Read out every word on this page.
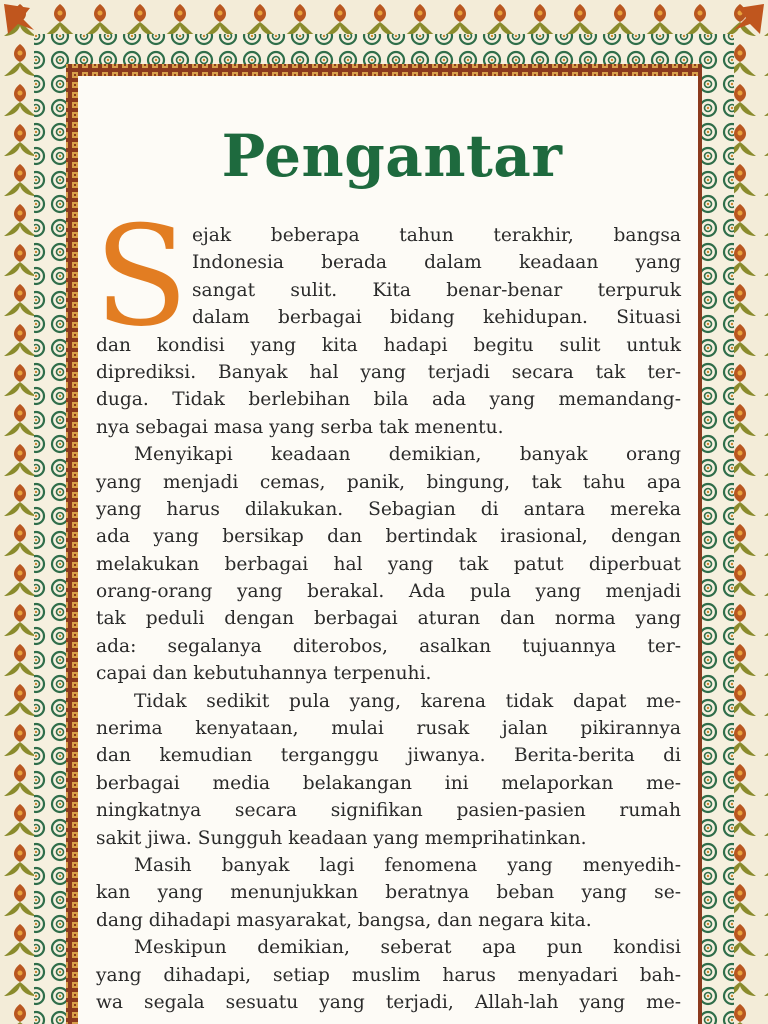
Pengantar
S ejak beberapa tahun terakhir, bangsa
Indonesia berada dalam keadaan yang
sangat sulit. Kita benar-benar terpuruk
dalam berbagai bidang kehidupan. Situasi
dan kondisi yang kita hadapi begitu sulit untuk
diprediksi. Banyak hal yang terjadi secara tak ter-
duga. Tidak berlebihan bila ada yang memandang-
nya sebagai masa yang serba tak menentu.
Menyikapi keadaan demikian, banyak orang
yang menjadi cemas, panik, bingung, tak tahu apa
yang harus dilakukan. Sebagian di antara mereka
ada yang bersikap dan bertindak irasional, dengan
melakukan berbagai hal yang tak patut diperbuat
orang-orang yang berakal. Ada pula yang menjadi
tak peduli dengan berbagai aturan dan norma yang
ada: segalanya diterobos, asalkan tujuannya ter-
capai dan kebutuhannya terpenuhi.
Tidak sedikit pula yang, karena tidak dapat me-
nerima kenyataan, mulai rusak jalan pikirannya
dan kemudian terganggu jiwanya. Berita-berita di
berbagai media belakangan ini melaporkan me-
ningkatnya secara signifikan pasien-pasien rumah
sakit jiwa. Sungguh keadaan yang memprihatinkan.
Masih banyak lagi fenomena yang menyedih-
kan yang menunjukkan beratnya beban yang se-
dang dihadapi masyarakat, bangsa, dan negara kita.
Meskipun demikian, seberat apa pun kondisi
yang dihadapi, setiap muslim harus menyadari bah-
wa segala sesuatu yang terjadi, Allah-lah yang me-
